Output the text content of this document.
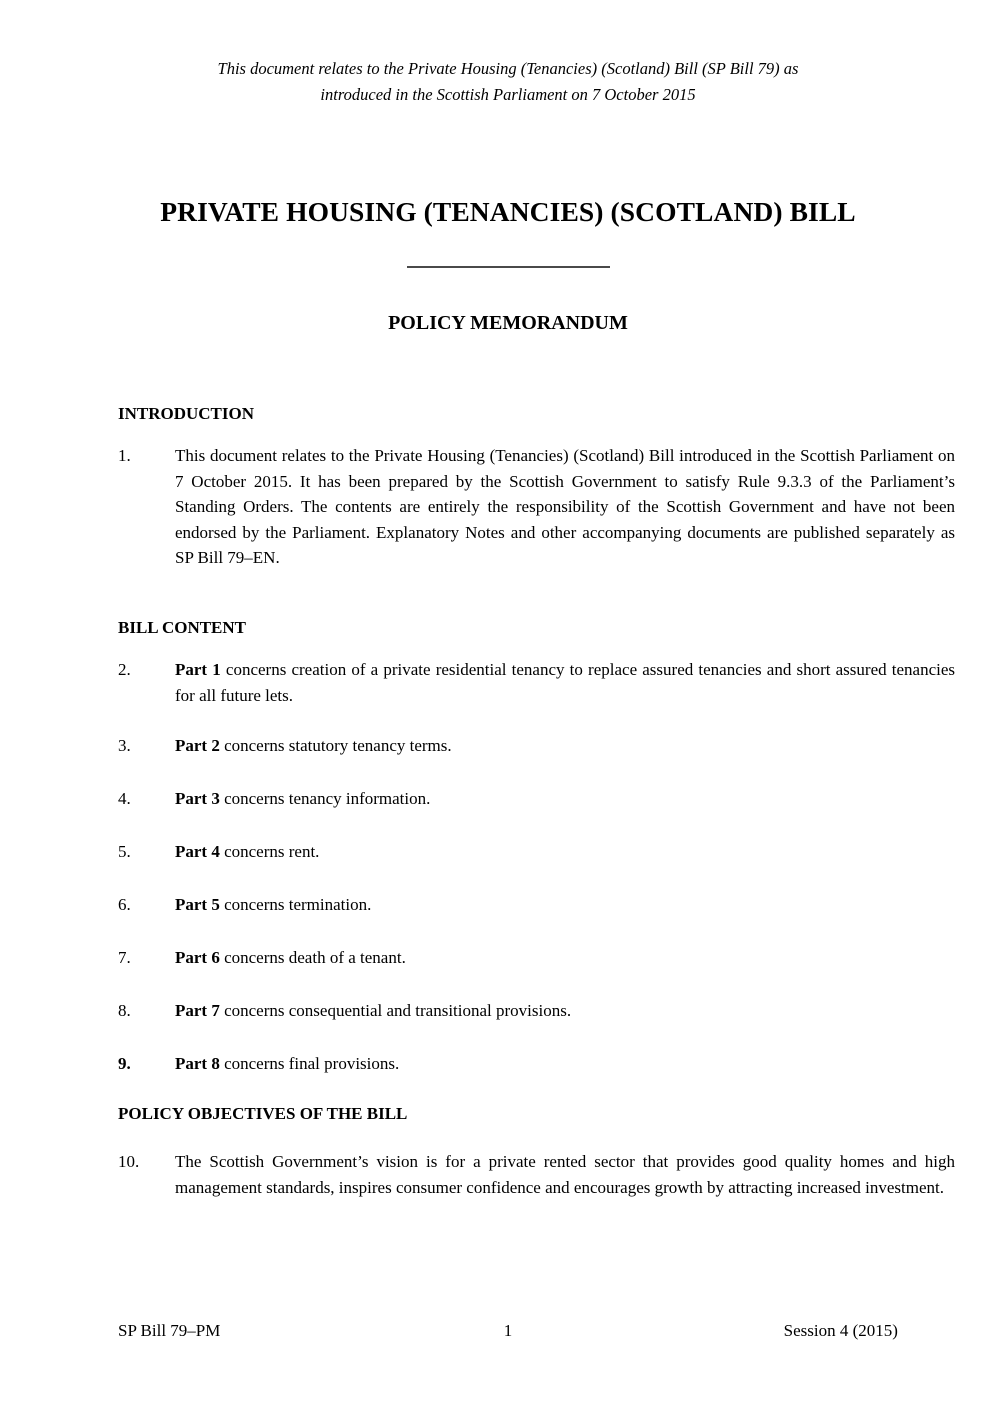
This document relates to the Private Housing (Tenancies) (Scotland) Bill (SP Bill 79) as
introduced in the Scottish Parliament on 7 October 2015
PRIVATE HOUSING (TENANCIES) (SCOTLAND) BILL
POLICY MEMORANDUM
INTRODUCTION
1.	This document relates to the Private Housing (Tenancies) (Scotland) Bill introduced in the Scottish Parliament on 7 October 2015. It has been prepared by the Scottish Government to satisfy Rule 9.3.3 of the Parliament’s Standing Orders. The contents are entirely the responsibility of the Scottish Government and have not been endorsed by the Parliament. Explanatory Notes and other accompanying documents are published separately as SP Bill 79–EN.
BILL CONTENT
2.	Part 1 concerns creation of a private residential tenancy to replace assured tenancies and short assured tenancies for all future lets.
3.	Part 2 concerns statutory tenancy terms.
4.	Part 3 concerns tenancy information.
5.	Part 4 concerns rent.
6.	Part 5 concerns termination.
7.	Part 6 concerns death of a tenant.
8.	Part 7 concerns consequential and transitional provisions.
9.	Part 8 concerns final provisions.
POLICY OBJECTIVES OF THE BILL
10. The Scottish Government’s vision is for a private rented sector that provides good quality homes and high management standards, inspires consumer confidence and encourages growth by attracting increased investment.
SP Bill 79–PM	1	Session 4 (2015)
